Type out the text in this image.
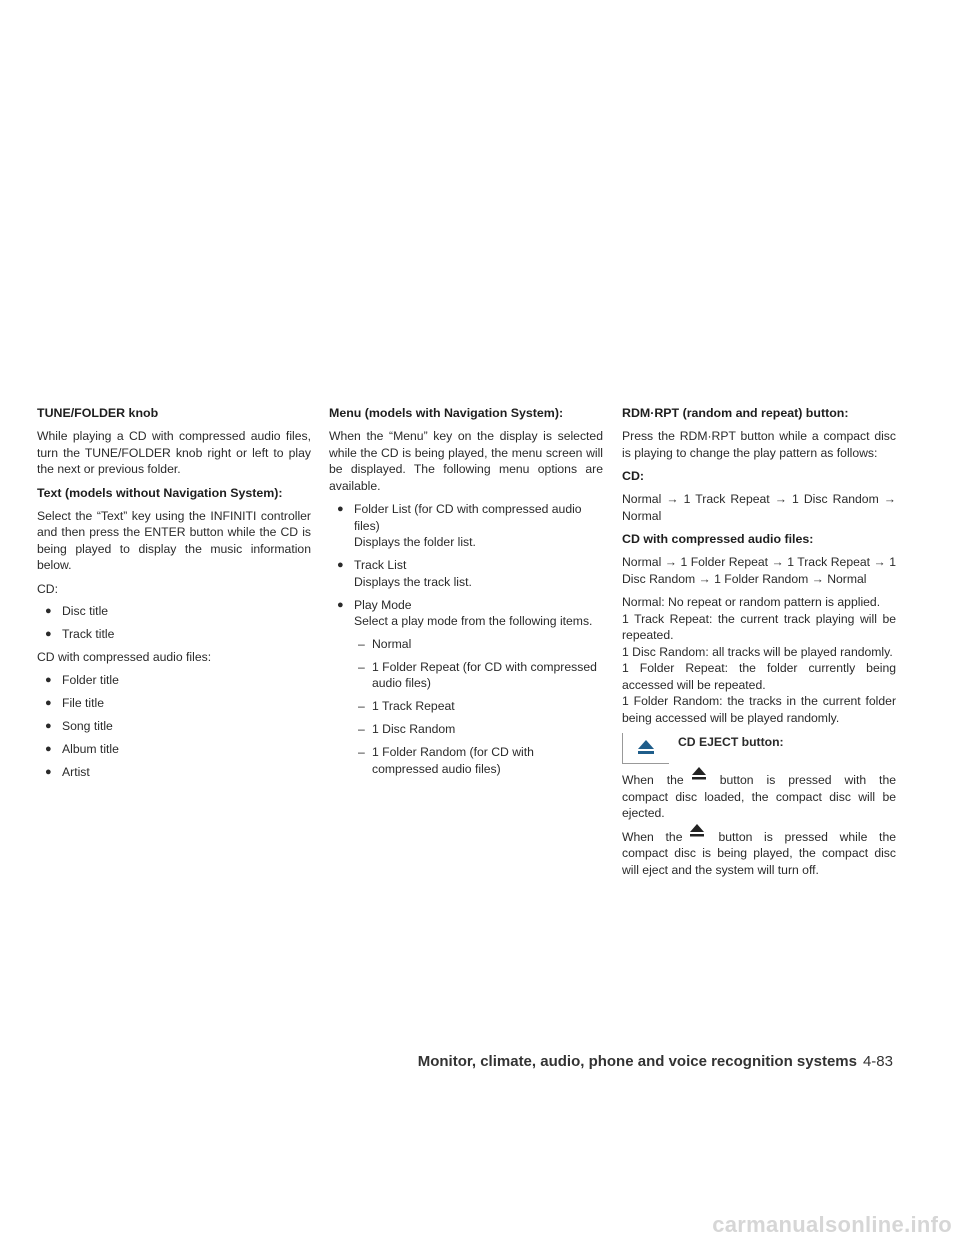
TUNE/FOLDER knob
While playing a CD with compressed audio files, turn the TUNE/FOLDER knob right or left to play the next or previous folder.
Text (models without Navigation System):
Select the “Text” key using the INFINITI controller and then press the ENTER button while the CD is being played to display the music information below.
CD:
● Disc title
● Track title
CD with compressed audio files:
● Folder title
● File title
● Song title
● Album title
● Artist
Menu (models with Navigation System):
When the “Menu” key on the display is selected while the CD is being played, the menu screen will be displayed. The following menu options are available.
● Folder List (for CD with compressed audio files)
Displays the folder list.
● Track List
Displays the track list.
● Play Mode
Select a play mode from the following items.
– Normal
– 1 Folder Repeat (for CD with compressed audio files)
– 1 Track Repeat
– 1 Disc Random
– 1 Folder Random (for CD with compressed audio files)
RDM·RPT (random and repeat) button:
Press the RDM·RPT button while a compact disc is playing to change the play pattern as follows:
CD:
Normal → 1 Track Repeat → 1 Disc Random → Normal
CD with compressed audio files:
Normal → 1 Folder Repeat → 1 Track Repeat → 1 Disc Random → 1 Folder Random → Normal
Normal: No repeat or random pattern is applied.
1 Track Repeat: the current track playing will be repeated.
1 Disc Random: all tracks will be played randomly.
1 Folder Repeat: the folder currently being accessed will be repeated.
1 Folder Random: the tracks in the current folder being accessed will be played randomly.
CD EJECT button:
When the	button is pressed with the compact disc loaded, the compact disc will be ejected.
When the	button is pressed while the compact disc is being played, the compact disc will eject and the system will turn off.
Monitor, climate, audio, phone and voice recognition systems 4-83
carmanualsonline.info
